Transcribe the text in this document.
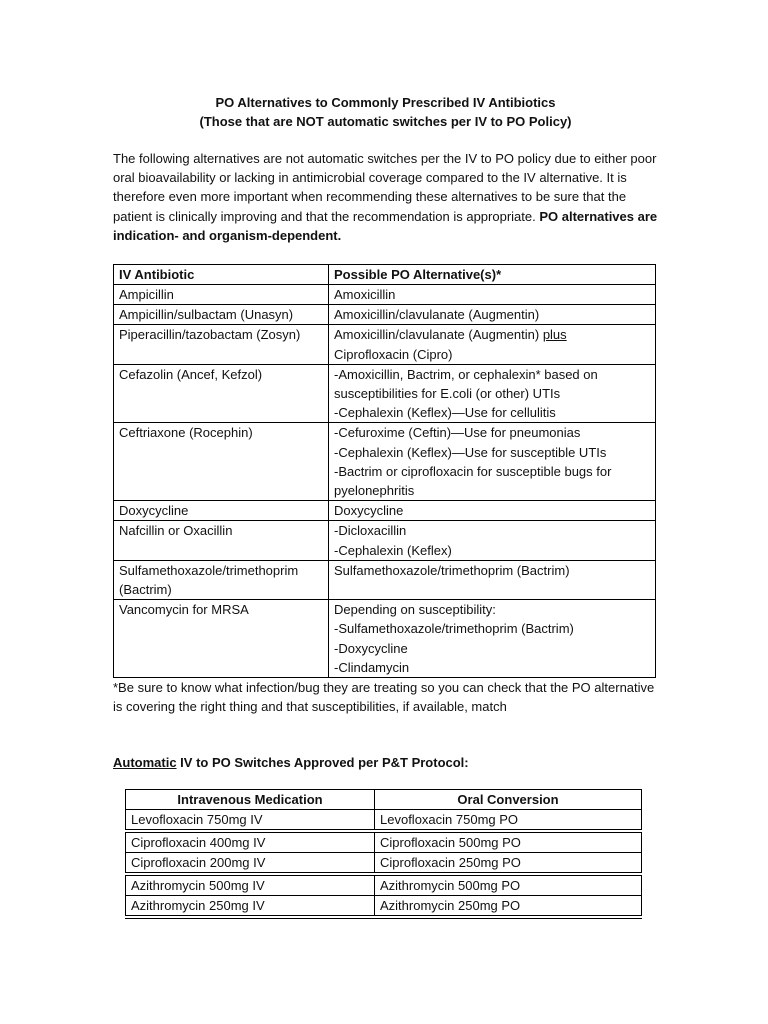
PO Alternatives to Commonly Prescribed IV Antibiotics
(Those that are NOT automatic switches per IV to PO Policy)

The following alternatives are not automatic switches per the IV to PO policy due to either poor oral bioavailability or lacking in antimicrobial coverage compared to the IV alternative. It is therefore even more important when recommending these alternatives to be sure that the patient is clinically improving and that the recommendation is appropriate. PO alternatives are indication- and organism-dependent.
IV Antibiotic	Possible PO Alternative(s)*
Ampicillin	Amoxicillin

Ampicillin/sulbactam (Unasyn)	Amoxicillin/clavulanate (Augmentin)

Piperacillin/tazobactam (Zosyn)	Amoxicillin/clavulanate (Augmentin) plus
Ciprofloxacin (Cipro)

Cefazolin (Ancef, Kefzol)	-Amoxicillin, Bactrim, or cephalexin* based on
susceptibilities for E.coli (or other) UTIs
-Cephalexin (Keflex)—Use for cellulitis

Ceftriaxone (Rocephin)	-Cefuroxime (Ceftin)—Use for pneumonias
-Cephalexin (Keflex)—Use for susceptible UTIs
-Bactrim or ciprofloxacin for susceptible bugs for
pyelonephritis

Doxycycline	Doxycycline

Nafcillin or Oxacillin	-Dicloxacillin
-Cephalexin (Keflex)

Sulfamethoxazole/trimethoprim (Bactrim)	Sulfamethoxazole/trimethoprim (Bactrim)

Vancomycin for MRSA	Depending on susceptibility:
-Sulfamethoxazole/trimethoprim (Bactrim)
-Doxycycline
-Clindamycin
*Be sure to know what infection/bug they are treating so you can check that the PO alternative is covering the right thing and that susceptibilities, if available, match
Automatic IV to PO Switches Approved per P&T Protocol:
Intravenous Medication	Oral Conversion
Levofloxacin 750mg IV	Levofloxacin 750mg PO
Ciprofloxacin 400mg IV	Ciprofloxacin 500mg PO
Ciprofloxacin 200mg IV	Ciprofloxacin 250mg PO
Azithromycin 500mg IV	Azithromycin 500mg PO
Azithromycin 250mg IV	Azithromycin 250mg PO
